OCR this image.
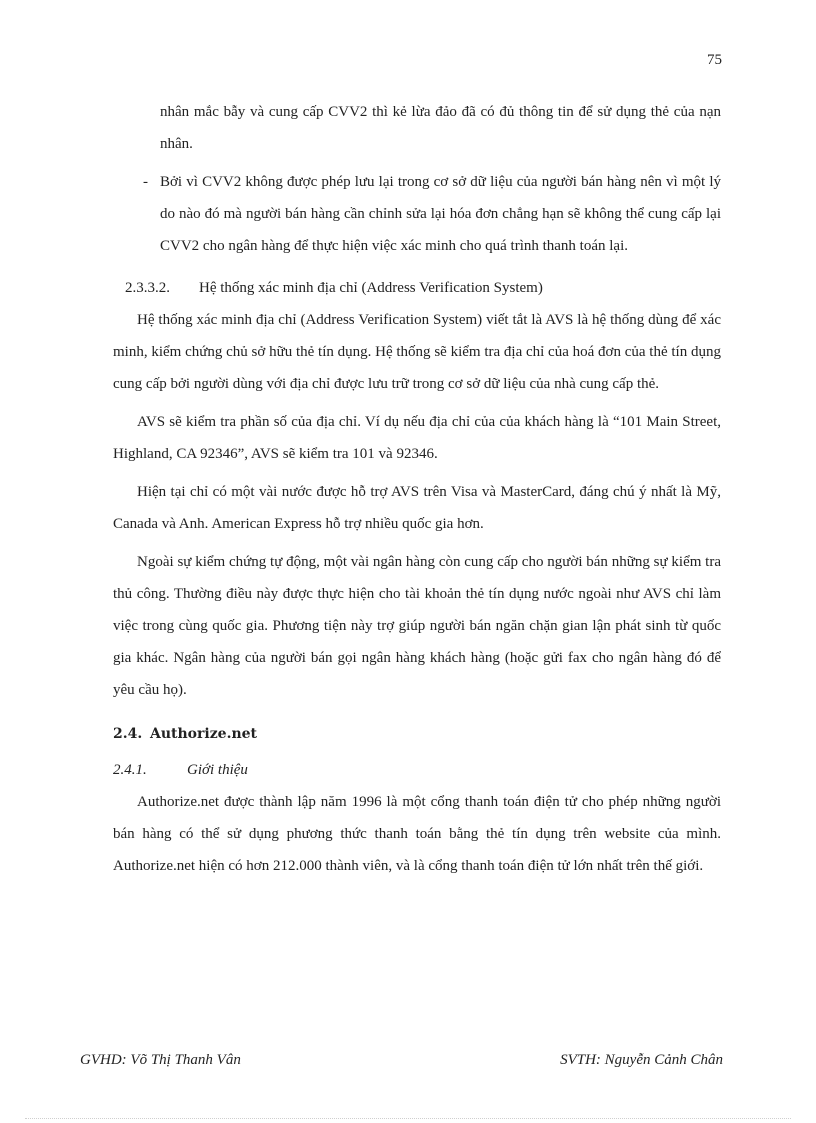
75

nhân mắc bẫy và cung cấp CVV2 thì kẻ lừa đảo đã có đủ thông tin để sử dụng thẻ của nạn nhân.

- Bởi vì CVV2 không được phép lưu lại trong cơ sở dữ liệu của người bán hàng nên vì một lý do nào đó mà người bán hàng cần chỉnh sửa lại hóa đơn chẳng hạn sẽ không thể cung cấp lại CVV2 cho ngân hàng để thực hiện việc xác minh cho quá trình thanh toán lại.

2.3.3.2. Hệ thống xác minh địa chỉ (Address Verification System)

Hệ thống xác minh địa chỉ (Address Verification System) viết tắt là AVS là hệ thống dùng để xác minh, kiểm chứng chủ sở hữu thẻ tín dụng. Hệ thống sẽ kiểm tra địa chỉ của hoá đơn của thẻ tín dụng cung cấp bởi người dùng với địa chỉ được lưu trữ trong cơ sở dữ liệu của nhà cung cấp thẻ.

AVS sẽ kiểm tra phần số của địa chỉ. Ví dụ nếu địa chỉ của của khách hàng là “101 Main Street, Highland, CA 92346”, AVS sẽ kiểm tra 101 và 92346.

Hiện tại chỉ có một vài nước được hỗ trợ AVS trên Visa và MasterCard, đáng chú ý nhất là Mỹ, Canada và Anh. American Express hỗ trợ nhiều quốc gia hơn.

Ngoài sự kiểm chứng tự động, một vài ngân hàng còn cung cấp cho người bán những sự kiểm tra thủ công. Thường điều này được thực hiện cho tài khoản thẻ tín dụng nước ngoài như AVS chỉ làm việc trong cùng quốc gia. Phương tiện này trợ giúp người bán ngăn chặn gian lận phát sinh từ quốc gia khác. Ngân hàng của người bán gọi ngân hàng khách hàng (hoặc gửi fax cho ngân hàng đó để yêu cầu họ).

2.4. Authorize.net

2.4.1.	Giới thiệu

Authorize.net được thành lập năm 1996 là một cổng thanh toán điện tử cho phép những người bán hàng có thể sử dụng phương thức thanh toán bằng thẻ tín dụng trên website của mình. Authorize.net hiện có hơn 212.000 thành viên, và là cổng thanh toán điện tử lớn nhất trên thế giới.

GVHD: Võ Thị Thanh Vân	SVTH: Nguyễn Cảnh Chân
